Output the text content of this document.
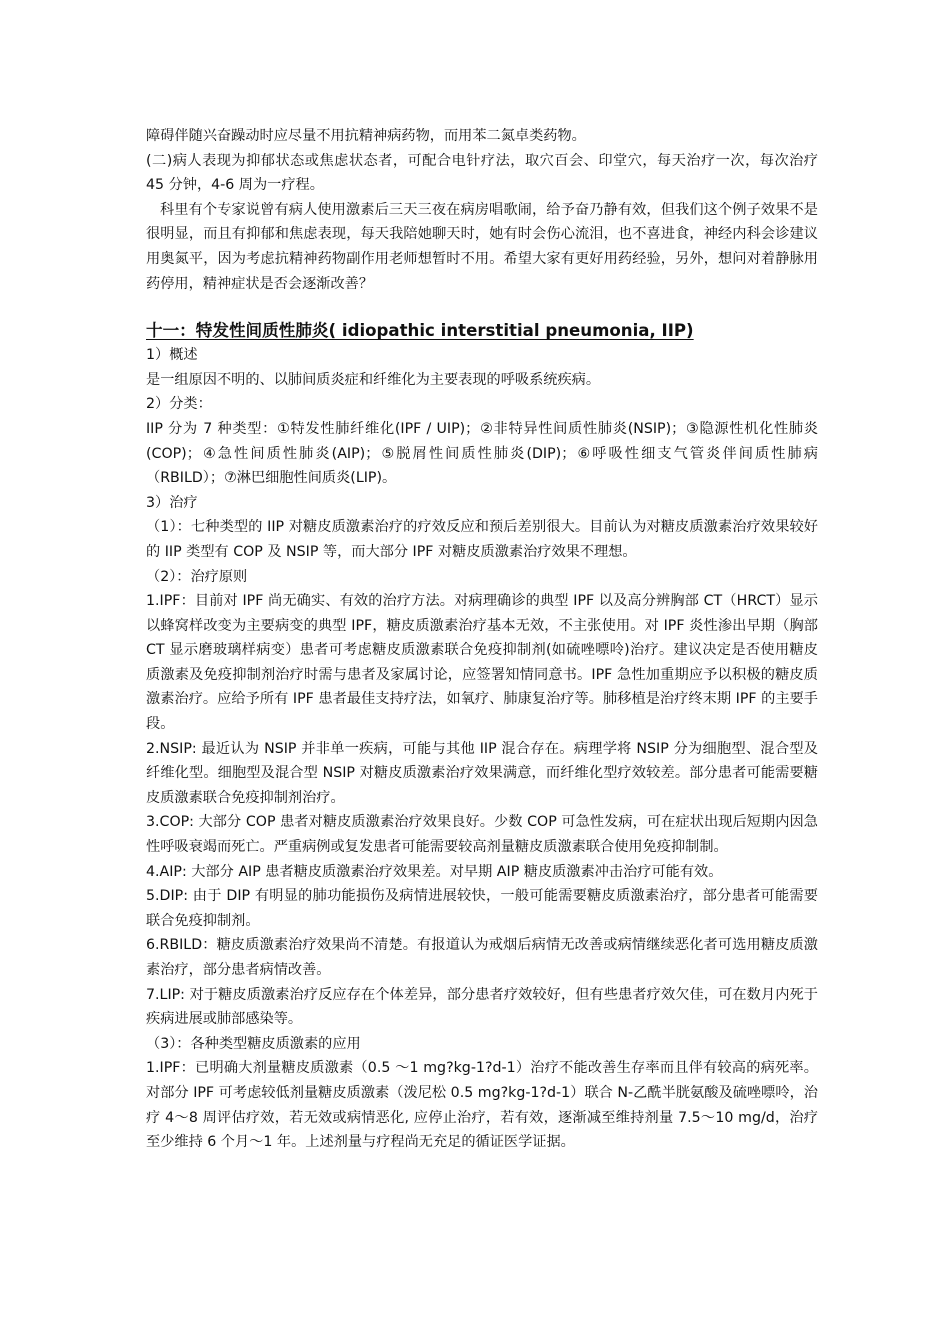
障碍伴随兴奋躁动时应尽量不用抗精神病药物，而用苯二氮卓类药物。

(二)病人表现为抑郁状态或焦虑状态者，可配合电针疗法，取穴百会、印堂穴，每天治疗一次，每次治疗 45 分钟，4-6 周为一疗程。

科里有个专家说曾有病人使用激素后三天三夜在病房唱歌闹，给予奋乃静有效，但我们这个例子效果不是很明显，而且有抑郁和焦虑表现，每天我陪她聊天时，她有时会伤心流泪，也不喜进食，神经内科会诊建议用奥氮平，因为考虑抗精神药物副作用老师想暂时不用。希望大家有更好用药经验，另外，想问对着静脉用药停用，精神症状是否会逐渐改善？

十一：特发性间质性肺炎( idiopathic interstitial pneumonia, IIP)

1）概述

是一组原因不明的、以肺间质炎症和纤维化为主要表现的呼吸系统疾病。

2）分类：

IIP 分为 7 种类型：①特发性肺纤维化(IPF / UIP)；②非特异性间质性肺炎(NSIP)；③隐源性机化性肺炎 (COP)；④急性间质性肺炎(AIP)；⑤脱屑性间质性肺炎(DIP)；⑥呼吸性细支气管炎伴间质性肺病（RBILD）；⑦淋巴细胞性间质炎(LIP)。

3）治疗

（1）：七种类型的 IIP 对糖皮质激素治疗的疗效反应和预后差别很大。目前认为对糖皮质激素治疗效果较好的 IIP 类型有 COP 及 NSIP 等，而大部分 IPF 对糖皮质激素治疗效果不理想。

（2）：治疗原则

1.IPF：目前对 IPF 尚无确实、有效的治疗方法。对病理确诊的典型 IPF 以及高分辨胸部 CT（HRCT）显示以蜂窝样改变为主要病变的典型 IPF，糖皮质激素治疗基本无效，不主张使用。对 IPF 炎性渗出早期（胸部 CT 显示磨玻璃样病变）患者可考虑糖皮质激素联合免疫抑制剂(如硫唑嘌呤)治疗。建议决定是否使用糖皮质激素及免疫抑制剂治疗时需与患者及家属讨论，应签署知情同意书。IPF 急性加重期应予以积极的糖皮质激素治疗。应给予所有 IPF 患者最佳支持疗法，如氧疗、肺康复治疗等。肺移植是治疗终末期 IPF 的主要手段。

2.NSIP: 最近认为 NSIP 并非单一疾病，可能与其他 IIP 混合存在。病理学将 NSIP 分为细胞型、混合型及纤维化型。细胞型及混合型 NSIP 对糖皮质激素治疗效果满意，而纤维化型疗效较差。部分患者可能需要糖皮质激素联合免疫抑制剂治疗。

3.COP: 大部分 COP 患者对糖皮质激素治疗效果良好。少数 COP 可急性发病，可在症状出现后短期内因急性呼吸衰竭而死亡。严重病例或复发患者可能需要较高剂量糖皮质激素联合使用免疫抑制制。

4.AIP: 大部分 AIP 患者糖皮质激素治疗效果差。对早期 AIP 糖皮质激素冲击治疗可能有效。

5.DIP: 由于 DIP 有明显的肺功能损伤及病情进展较快，一般可能需要糖皮质激素治疗，部分患者可能需要联合免疫抑制剂。

6.RBILD：糖皮质激素治疗效果尚不清楚。有报道认为戒烟后病情无改善或病情继续恶化者可选用糖皮质激素治疗，部分患者病情改善。

7.LIP: 对于糖皮质激素治疗反应存在个体差异，部分患者疗效较好，但有些患者疗效欠佳，可在数月内死于疾病进展或肺部感染等。

（3）：各种类型糖皮质激素的应用

1.IPF：已明确大剂量糖皮质激素（0.5 ～1 mg?kg-1?d-1）治疗不能改善生存率而且伴有较高的病死率。对部分 IPF 可考虑较低剂量糖皮质激素（泼尼松 0.5 mg?kg-1?d-1）联合 N-乙酰半胱氨酸及硫唑嘌呤，治疗 4～8 周评估疗效，若无效或病情恶化, 应停止治疗，若有效，逐渐减至维持剂量 7.5～10 mg/d，治疗至少维持 6 个月～1 年。上述剂量与疗程尚无充足的循证医学证据。
